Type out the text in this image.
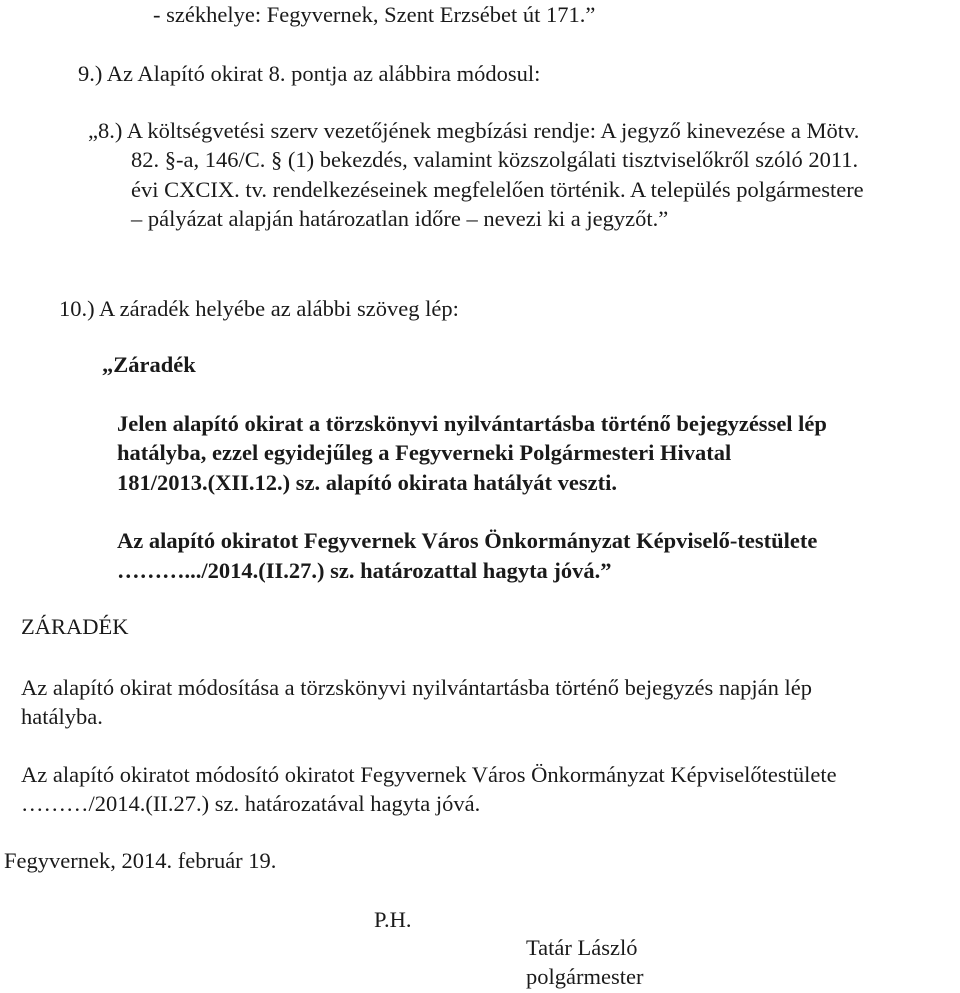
- székhelye: Fegyvernek, Szent Erzsébet út 171.”
9.) Az Alapító okirat 8. pontja az alábbira módosul:
„8.) A költségvetési szerv vezetőjének megbízási rendje: A jegyző kinevezése a Mötv.
82. §-a, 146/C. § (1) bekezdés, valamint közszolgálati tisztviselőkről szóló 2011.
évi CXCIX. tv. rendelkezéseinek megfelelően történik. A település polgármestere
– pályázat alapján határozatlan időre – nevezi ki a jegyzőt.”
10.) A záradék helyébe az alábbi szöveg lép:
„Záradék
Jelen alapító okirat a törzskönyvi nyilvántartásba történő bejegyzéssel lép
hatályba, ezzel egyidejűleg a Fegyverneki Polgármesteri Hivatal
181/2013.(XII.12.) sz. alapító okirata hatályát veszti.
Az alapító okiratot Fegyvernek Város Önkormányzat Képviselő-testülete
……….../2014.(II.27.) sz. határozattal hagyta jóvá.”
ZÁRADÉK
Az alapító okirat módosítása a törzskönyvi nyilvántartásba történő bejegyzés napján lép
hatályba.
Az alapító okiratot módosító okiratot Fegyvernek Város Önkormányzat Képviselőtestülete
………/2014.(II.27.) sz. határozatával hagyta jóvá.
Fegyvernek, 2014. február 19.
P.H.
Tatár László
polgármester
